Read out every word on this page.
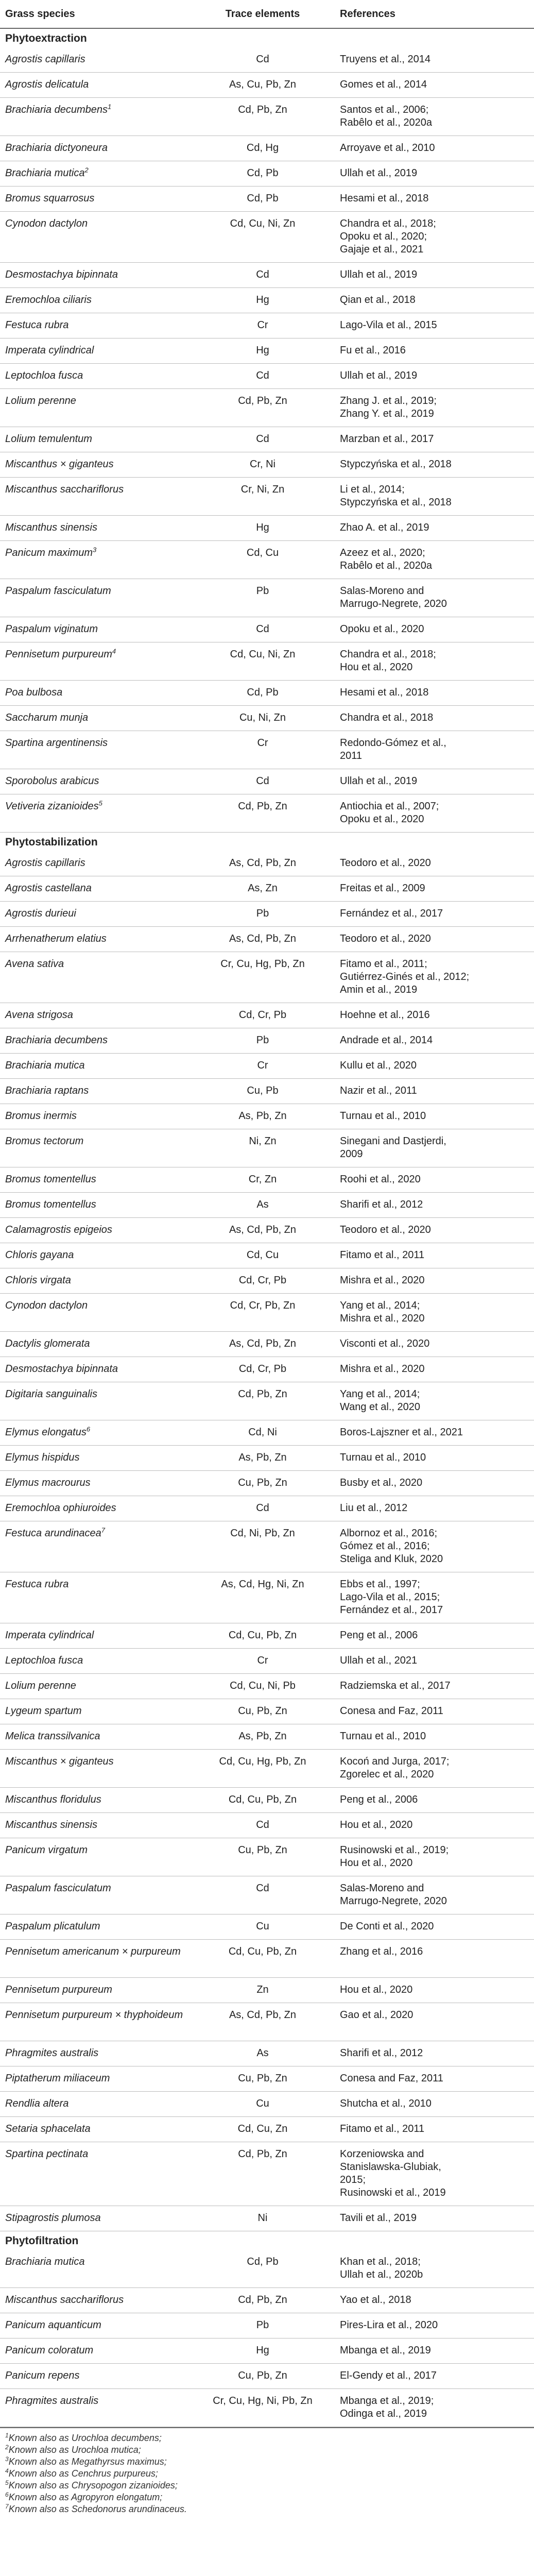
Grass species	Trace elements	References
Phytoextraction
Agrostis capillaris	Cd	Truyens et al., 2014
Agrostis delicatula	As, Cu, Pb, Zn	Gomes et al., 2014
Brachiaria decumbens$^1$	Cd, Pb, Zn	Santos et al., 2006;
Rabêlo et al., 2020a
Brachiaria dictyoneura	Cd, Hg	Arroyave et al., 2010
Brachiaria mutica$^2$	Cd, Pb	Ullah et al., 2019
Bromus squarrosus	Cd, Pb	Hesami et al., 2018
Cynodon dactylon	Cd, Cu, Ni, Zn	Chandra et al., 2018;
Opoku et al., 2020;
Gajaje et al., 2021
Desmostachya bipinnata	Cd	Ullah et al., 2019
Eremochloa ciliaris	Hg	Qian et al., 2018
Festuca rubra	Cr	Lago-Vila et al., 2015
Imperata cylindrical	Hg	Fu et al., 2016
Leptochloa fusca	Cd	Ullah et al., 2019
Lolium perenne	Cd, Pb, Zn	Zhang J. et al., 2019;
Zhang Y. et al., 2019
Lolium temulentum	Cd	Marzban et al., 2017
Miscanthus × giganteus	Cr, Ni	Stypczyńska et al., 2018
Miscanthus sacchariflorus	Cr, Ni, Zn	Li et al., 2014;
Stypczyńska et al., 2018
Miscanthus sinensis	Hg	Zhao A. et al., 2019
Panicum maximum$^3$	Cd, Cu	Azeez et al., 2020;
Rabêlo et al., 2020a
Paspalum fasciculatum	Pb	Salas-Moreno and
Marrugo-Negrete, 2020
Paspalum viginatum	Cd	Opoku et al., 2020
Pennisetum purpureum$^4$	Cd, Cu, Ni, Zn	Chandra et al., 2018;
Hou et al., 2020
Poa bulbosa	Cd, Pb	Hesami et al., 2018
Saccharum munja	Cu, Ni, Zn	Chandra et al., 2018
Spartina argentinensis	Cr	Redondo-Gómez et al.,
2011
Sporobolus arabicus	Cd	Ullah et al., 2019
Vetiveria zizanioides$^5$	Cd, Pb, Zn	Antiochia et al., 2007;
Opoku et al., 2020
Phytostabilization
Agrostis capillaris	As, Cd, Pb, Zn	Teodoro et al., 2020
Agrostis castellana	As, Zn	Freitas et al., 2009
Agrostis durieui	Pb	Fernández et al., 2017
Arrhenatherum elatius	As, Cd, Pb, Zn	Teodoro et al., 2020
Avena sativa	Cr, Cu, Hg, Pb, Zn	Fitamo et al., 2011;
Gutiérrez-Ginés et al., 2012;
Amin et al., 2019
Avena strigosa	Cd, Cr, Pb	Hoehne et al., 2016
Brachiaria decumbens	Pb	Andrade et al., 2014
Brachiaria mutica	Cr	Kullu et al., 2020
Brachiaria raptans	Cu, Pb	Nazir et al., 2011
Bromus inermis	As, Pb, Zn	Turnau et al., 2010
Bromus tectorum	Ni, Zn	Sinegani and Dastjerdi,
2009
Bromus tomentellus	Cr, Zn	Roohi et al., 2020
Bromus tomentellus	As	Sharifi et al., 2012
Calamagrostis epigeios	As, Cd, Pb, Zn	Teodoro et al., 2020
Chloris gayana	Cd, Cu	Fitamo et al., 2011
Chloris virgata	Cd, Cr, Pb	Mishra et al., 2020
Cynodon dactylon	Cd, Cr, Pb, Zn	Yang et al., 2014;
Mishra et al., 2020
Dactylis glomerata	As, Cd, Pb, Zn	Visconti et al., 2020
Desmostachya bipinnata	Cd, Cr, Pb	Mishra et al., 2020
Digitaria sanguinalis	Cd, Pb, Zn	Yang et al., 2014;
Wang et al., 2020
Elymus elongatus$^6$	Cd, Ni	Boros-Lajszner et al., 2021
Elymus hispidus	As, Pb, Zn	Turnau et al., 2010
Elymus macrourus	Cu, Pb, Zn	Busby et al., 2020
Eremochloa ophiuroides	Cd	Liu et al., 2012
Festuca arundinacea$^7$	Cd, Ni, Pb, Zn	Albornoz et al., 2016;
Gómez et al., 2016;
Steliga and Kluk, 2020
Festuca rubra	As, Cd, Hg, Ni, Zn	Ebbs et al., 1997;
Lago-Vila et al., 2015;
Fernández et al., 2017
Imperata cylindrical	Cd, Cu, Pb, Zn	Peng et al., 2006
Leptochloa fusca	Cr	Ullah et al., 2021
Lolium perenne	Cd, Cu, Ni, Pb	Radziemska et al., 2017
Lygeum spartum	Cu, Pb, Zn	Conesa and Faz, 2011
Melica transsilvanica	As, Pb, Zn	Turnau et al., 2010
Miscanthus × giganteus	Cd, Cu, Hg, Pb, Zn	Kocoń and Jurga, 2017;
Zgorelec et al., 2020
Miscanthus floridulus	Cd, Cu, Pb, Zn	Peng et al., 2006
Miscanthus sinensis	Cd	Hou et al., 2020
Panicum virgatum	Cu, Pb, Zn	Rusinowski et al., 2019;
Hou et al., 2020
Paspalum fasciculatum	Cd	Salas-Moreno and
Marrugo-Negrete, 2020
Paspalum plicatulum	Cu	De Conti et al., 2020
Pennisetum americanum × purpureum	Cd, Cu, Pb, Zn	Zhang et al., 2016
Pennisetum purpureum	Zn	Hou et al., 2020
Pennisetum purpureum × thyphoideum	As, Cd, Pb, Zn	Gao et al., 2020
Phragmites australis	As	Sharifi et al., 2012
Piptatherum miliaceum	Cu, Pb, Zn	Conesa and Faz, 2011
Rendlia altera	Cu	Shutcha et al., 2010
Setaria sphacelata	Cd, Cu, Zn	Fitamo et al., 2011
Spartina pectinata	Cd, Pb, Zn	Korzeniowska and
Stanislawska-Glubiak,
2015;
Rusinowski et al., 2019
Stipagrostis plumosa	Ni	Tavili et al., 2019
Phytofiltration
Brachiaria mutica	Cd, Pb	Khan et al., 2018;
Ullah et al., 2020b
Miscanthus sacchariflorus	Cd, Pb, Zn	Yao et al., 2018
Panicum aquanticum	Pb	Pires-Lira et al., 2020
Panicum coloratum	Hg	Mbanga et al., 2019
Panicum repens	Cu, Pb, Zn	El-Gendy et al., 2017
Phragmites australis	Cr, Cu, Hg, Ni, Pb, Zn	Mbanga et al., 2019;
Odinga et al., 2019
$^1$Known also as Urochloa decumbens;
$^2$Known also as Urochloa mutica;
$^3$Known also as Megathyrsus maximus;
$^4$Known also as Cenchrus purpureus;
$^5$Known also as Chrysopogon zizanioides;
$^6$Known also as Agropyron elongatum;
$^7$Known also as Schedonorus arundinaceus.
